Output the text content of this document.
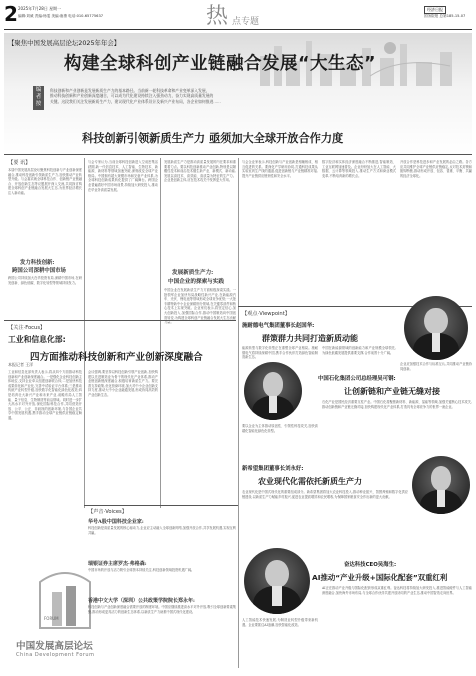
2 2025年7月28日 星期一
编辑:刘威 责编:杨雯 美编:唐康 电话:010-65775637	热 点专题
经济日报
国务院报 总第185-15-07
【聚焦中国发展高层论坛2025年年会】
构建全球科创产业链融合发展“大生态”
编
者
按
科技创新和产业创新是发展新质生产力的基本路径。当前新一轮科技革命和产业变革深入发展，
推动科技创新和产业创新深度融合，可以成为代化建设持续注入强劲动力，奋力实现高质量发展的
关键。这段我们关注发展新质生产力，建议现代化产业体系设计及新兴产业布局，各企业如何推进……
科技创新引领新质生产力 亟须加大全球开放合作力度
【要 讯】
本届中国发展高层论坛聚焦科技创新与产业创新深度融合,推动科技创新引领新质生产力,加快推动产业转型升级。与会嘉宾就全球科技合作、创新链产业链融合、开放创新生态等议题展开深入交流,共同探讨构建全球科创产业链融合发展大生态,为世界经济增长注入新动能。
发力科技创新:
跨国公司深耕中国市场
跨国公司持续加大在华投资布局,深耕中国市场,在研发创新、绿色低碳、数字化转型等领域持续发力。
【关注·Focus】
工业和信息化部:
四方面推动科技创新和产业创新深度融合
本报记者 王洋
工业和信息化部负责人表示,将从四个方面推动科技创新和产业创新深度融合。一是强化企业科技创新主体地位,支持企业牵头组建创新联合体;二是加快科技成果转化和产业化,完善中试验证平台体系;三是推动传统产业转型升级,加快数字化智能化绿色化改造;四是培育壮大新兴产业和未来产业,前瞻布局人工智能、量子信息、生物制造等前沿领域。同时进一步扩大高水平对外开放,深化国际科技合作,共同营造开放、公平、公正、非歧视的创新环境,与各国企业共享中国发展机遇,携手推动全球产业链供应链稳定畅通。
会议强调,要坚持以科技创新引领产业创新,加快构建以先进制造业为骨干的现代化产业体系,推动产业链创新链深度融合,积极培育新质生产力。要完善支持政策,优化营商环境,加大对中小企业创新支持力度,推动大中小企业融通发展,形成协同高效的产业创新生态。
FORUM
中国发展高层论坛
China Development Forum
与会专家认为,当前全球科技创新进入空前密集活跃期,新一代信息技术、人工智能、生物技术、新能源、新材料等领域加速突破,深刻改变全球产业格局。中国拥有超大规模市场和完备产业体系,为全球科技创新成果转化提供了广阔舞台。跨国企业普遍看好中国市场前景,持续加大研发投入,推动在华业务高质量发展。
发展新质生产力是推动高质量发展的内在要求和重要着力点。要以科技创新推动产业创新,特别是以颠覆性技术和前沿技术催生新产业、新模式、新动能,发展以高技术、高效能、高质量为特征的生产力。企业是创新主体,应在技术攻关中发挥更大作用。
发展新质生产力:
中国企业的探索与实践
中国企业在发展新质生产力方面积极探索实践。一批领军企业加快布局战略性新兴产业,在新能源汽车、光伏、锂电池等领域形成全球竞争优势;一大批专精特新中小企业深耕细分领域,在关键零部件和核心技术上实现突破。企业家们表示,将坚定信心,加大创新投入,加强国际合作,推动中国制造向中国创造转变,为构建全球科创产业链融合发展大生态贡献力量。
【声音·Voices】
华号A股中国科技企业家:
科技创新是高质量发展的核心驱动力,企业应主动融入全球创新网络,加强开放合作,共享发展机遇,实现互利共赢。
瑞银证券主席罗杰·弗格森:
中国市场的开放与活力吸引全球资本持续关注,科技创新领域投资机遇广阔。
香港中文大学（深圳）公共政策学院院长郑永年:
科技创新与产业创新深度融合需要开放的制度环境。中国应继续推进高水平对外开放,吸引全球创新要素集聚,推动形成更具活力的创新生态体系,以新质生产力助推中国式现代化建设。
与会企业家表示,科技创新与产业创新是相辅相成、相互促进的关系。要深化产学研用协同,打通科技成果从实验室到生产线的通道,促进创新链与产业链精准对接,提升产业链供应链韧性和安全水平。
数字经济和实体经济深度融合不断推进,智能制造、工业互联网加速普及。企业纷纷加大在人工智能、大数据、云计算等领域投入,推动生产方式和商业模式变革,不断培育新的增长点。
开放合作是科技进步和产业发展的必由之路。各方应共同维护全球产业链供应链稳定,反对技术封锁和脱钩断链,推动形成开放、包容、普惠、平衡、共赢的经济全球化。
【观点·Viewpoint】
施耐德电气集团董事长赵国华:
群策群力共同打造新质动能
能源转型与数字化转型正在重塑全球产业格局。施耐德电气将持续深耕中国,携手合作伙伴打造绿色智能制造新生态。
中国在新能源领域的创新能力和产业规模全球领先,为绿色低碳发展提供重要支撑,合作前景十分广阔。
企业应加强技术合作与标准互认,共同推动产业链协同创新。
中国石化集团公司总经理吴可钢:
让创新链和产业链无缝对接
要以企业为主体推动原创性、引领性科技攻关,加快高端化智能化绿色化转型。
石化产业是国民经济重要支柱产业。中国石化将聚焦新材料、新能源、氢能等领域,加强关键核心技术攻关,推动创新链和产业链无缝对接,加快构建现代化产业体系,打造具有全球竞争力的世界一流企业。
新希望集团董事长刘永好:
农业现代化需依托新质生产力
农业现代化是中国式现代化的重要组成部分。新希望集团将加大农业科技投入,推动种业振兴、智慧养殖和数字化供应链建设,以新质生产力赋能乡村振兴,促进农业提质增效和农民增收,为保障国家粮食安全作出新的更大贡献。
奋达科技CEO吴海生:
AI推动“产业升级+国际化配套”双重红利
人工智能技术快速发展,为制造业转型升级带来新机遇。企业要抓住AI浪潮,加快智能化改造。
AI正在推动产业升级与国际化配套形成双重红利。奋达科技将持续加大研发投入,推进智能硬件与人工智能深度融合,加快海外市场布局,与全球合作伙伴共建开放协同的产业生态,推动中国智造走向世界。
